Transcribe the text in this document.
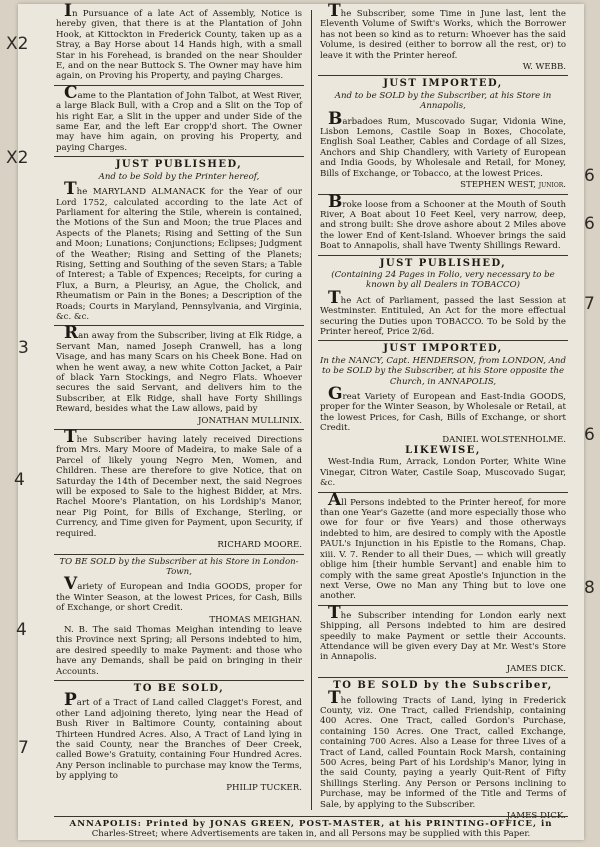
In Pursuance of a late Act of Assembly, Notice is hereby given, that there is at the Plantation of John Hook, at Kittockton in Frederick County, taken up as a Stray, a Bay Horse about 14 Hands high, with a small Star in his Forehead, is branded on the near Shoulder E, and on the near Buttock S. The Owner may have him again, on Proving his Property, and paying Charges.

Came to the Plantation of John Talbot, at West River, a large Black Bull, with a Crop and a Slit on the Top of his right Ear, a Slit in the upper and under Side of the same Ear, and the left Ear cropp'd short. The Owner may have him again, on proving his Property, and paying Charges.

JUST PUBLISHED,
And to be Sold by the Printer hereof,

The MARYLAND ALMANACK for the Year of our Lord 1752, calculated according to the late Act of Parliament for altering the Stile, wherein is contained, the Motions of the Sun and Moon; the true Places and Aspects of the Planets; Rising and Setting of the Sun and Moon; Lunations; Conjunctions; Eclipses; Judgment of the Weather; Rising and Setting of the Planets; Rising, Setting and Southing of the seven Stars; a Table of Interest; a Table of Expences; Receipts, for curing a Flux, a Burn, a Pleurisy, an Ague, the Cholick, and Rheumatism or Pain in the Bones; a Description of the Roads; Courts in Maryland, Pennsylvania, and Virginia, &c. &c.

Ran away from the Subscriber, living at Elk Ridge, a Servant Man, named Joseph Cranwell, has a long Visage, and has many Scars on his Cheek Bone. Had on when he went away, a new white Cotton Jacket, a Pair of black Yarn Stockings, and Negro Flats. Whoever secures the said Servant, and delivers him to the Subscriber, at Elk Ridge, shall have Forty Shillings Reward, besides what the Law allows, paid by

JONATHAN MULLINIX.

The Subscriber having lately received Directions from Mrs. Mary Moore of Madeira, to make Sale of a Parcel of likely young Negro Men, Women, and Children. These are therefore to give Notice, that on Saturday the 14th of December next, the said Negroes will be exposed to Sale to the highest Bidder, at Mrs. Rachel Moore's Plantation, on his Lordship's Manor, near Pig Point, for Bills of Exchange, Sterling, or Currency, and Time given for Payment, upon Security, if required.

RICHARD MOORE.
TO BE SOLD by the Subscriber at his Store in London-Town,

Variety of European and India GOODS, proper for the Winter Season, at the lowest Prices, for Cash, Bills of Exchange, or short Credit.

THOMAS MEIGHAN.

N. B. The said Thomas Meighan intending to leave this Province next Spring; all Persons indebted to him, are desired speedily to make Payment: and those who have any Demands, shall be paid on bringing in their Accounts.

TO BE SOLD,

Part of a Tract of Land called Clagget's Forest, and other Land adjoining thereto, lying near the Head of Bush River in Baltimore County, containing about Thirteen Hundred Acres. Also, A Tract of Land lying in the said County, near the Branches of Deer Creek, called Bowe's Gratuity, containing Four Hundred Acres. Any Person inclinable to purchase may know the Terms, by applying to

PHILIP TUCKER.

The Subscriber, some Time in June last, lent the Eleventh Volume of Swift's Works, which the Borrower has not been so kind as to return: Whoever has the said Volume, is desired (either to borrow all the rest, or) to leave it with the Printer hereof.

W. WEBB.
JUST IMPORTED,
And to be SOLD by the Subscriber, at his Store in Annapolis,

Barbadoes Rum, Muscovado Sugar, Vidonia Wine, Lisbon Lemons, Castile Soap in Boxes, Chocolate, English Soal Leather, Cables and Cordage of all Sizes, Anchors and Ship Chandlery, with Variety of European and India Goods, by Wholesale and Retail, for Money, Bills of Exchange, or Tobacco, at the lowest Prices.

STEPHEN WEST, junior.

Broke loose from a Schooner at the Mouth of South River, A Boat about 10 Feet Keel, very narrow, deep, and strong built: She drove ashore about 2 Miles above the lower End of Kent-Island. Whoever brings the said Boat to Annapolis, shall have Twenty Shillings Reward.

JUST PUBLISHED,
(Containing 24 Pages in Folio, very necessary to be known by all Dealers in TOBACCO)

The Act of Parliament, passed the last Session at Westminster. Entituled, An Act for the more effectual securing the Duties upon TOBACCO. To be Sold by the Printer hereof, Price 2/6d.

JUST IMPORTED,
In the NANCY, Capt. HENDERSON, from LONDON, And to be SOLD by the Subscriber, at his Store opposite the Church, in ANNAPOLIS,

Great Variety of European and East-India GOODS, proper for the Winter Season, by Wholesale or Retail, at the lowest Prices, for Cash, Bills of Exchange, or short Credit.

DANIEL WOLSTENHOLME.
LIKEWISE,

West-India Rum, Arrack, London Porter, White Wine Vinegar, Citron Water, Castile Soap, Muscovado Sugar, &c.

All Persons indebted to the Printer hereof, for more than one Year's Gazette (and more especially those who owe for four or five Years) and those otherways indebted to him, are desired to comply with the Apostle PAUL's Injunction in his Epistle to the Romans, Chap. xiii. V. 7. Render to all their Dues, — which will greatly oblige him [their humble Servant] and enable him to comply with the same great Apostle's Injunction in the next Verse, Owe no Man any Thing but to love one another.

The Subscriber intending for London early next Shipping, all Persons indebted to him are desired speedily to make Payment or settle their Accounts. Attendance will be given every Day at Mr. West's Store in Annapolis.

JAMES DICK.
TO BE SOLD by the Subscriber,

The following Tracts of Land, lying in Frederick County, viz. One Tract, called Friendship, containing 400 Acres. One Tract, called Gordon's Purchase, containing 150 Acres. One Tract, called Exchange, containing 700 Acres. Also a Lease for three Lives of a Tract of Land, called Fountain Rock Marsh, containing 500 Acres, being Part of his Lordship's Manor, lying in the said County, paying a yearly Quit-Rent of Fifty Shillings Sterling. Any Person or Persons inclining to Purchase, may be informed of the Title and Terms of Sale, by applying to the Subscriber.

JAMES DICK.
ANNAPOLIS: Printed by JONAS GREEN, POST-MASTER, at his PRINTING-OFFICE, in
Charles-Street; where Advertisements are taken in, and all Persons may be supplied with this Paper.
X2
X2
3
4
4
7
6
6
7
6
8
